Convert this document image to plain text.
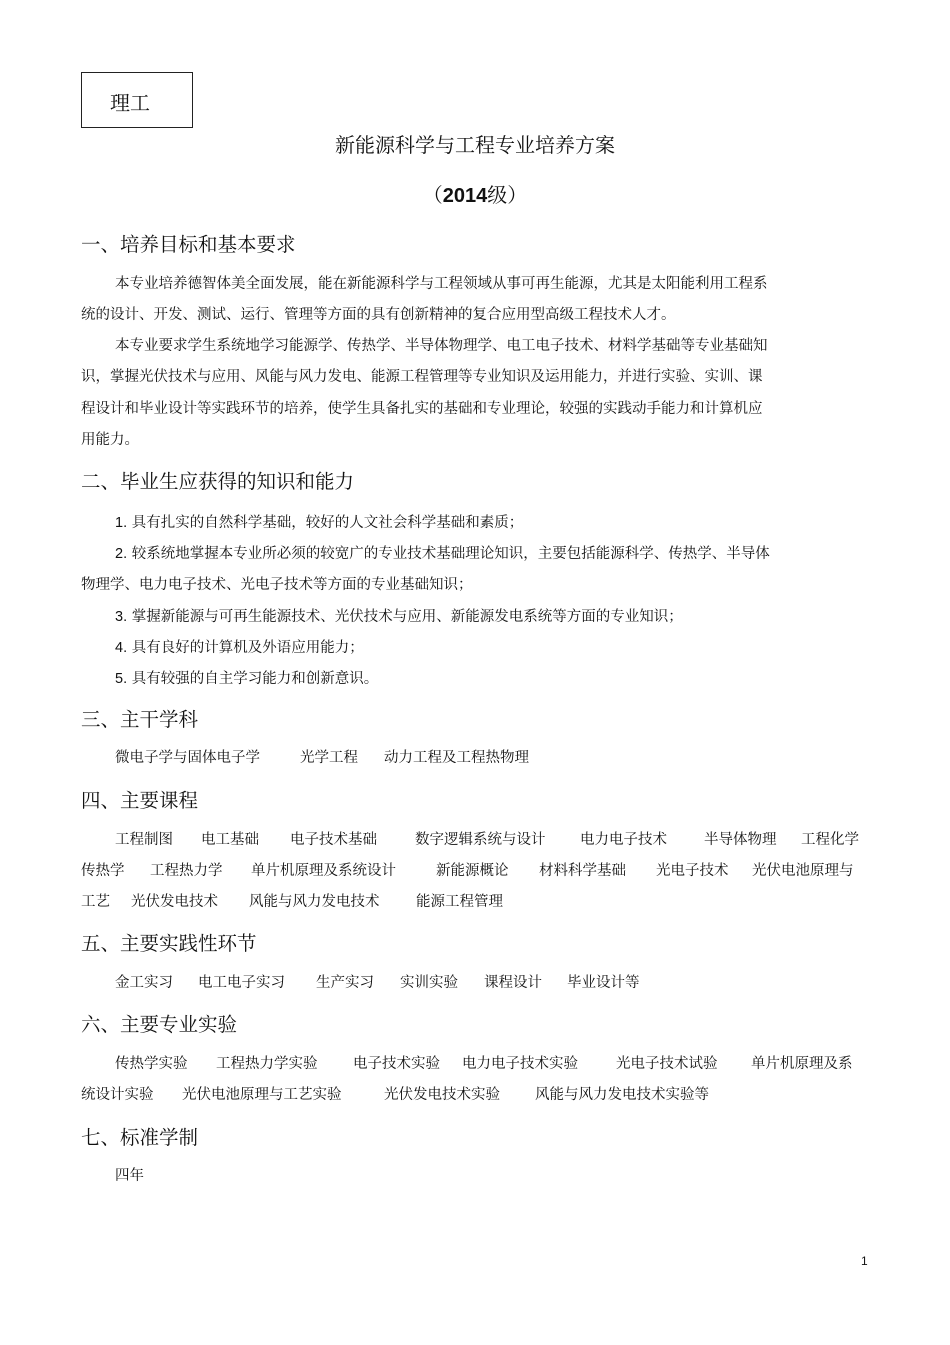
理工
新能源科学与工程专业培养方案
（2014级）
一、培养目标和基本要求
本专业培养德智体美全面发展，能在新能源科学与工程领域从事可再生能源，尤其是太阳能利用工程系
统的设计、开发、测试、运行、管理等方面的具有创新精神的复合应用型高级工程技术人才。
本专业要求学生系统地学习能源学、传热学、半导体物理学、电工电子技术、材料学基础等专业基础知
识，掌握光伏技术与应用、风能与风力发电、能源工程管理等专业知识及运用能力，并进行实验、实训、课
程设计和毕业设计等实践环节的培养，使学生具备扎实的基础和专业理论，较强的实践动手能力和计算机应
用能力。
二、毕业生应获得的知识和能力
1. 具有扎实的自然科学基础，较好的人文社会科学基础和素质；
2. 较系统地掌握本专业所必须的较宽广的专业技术基础理论知识，主要包括能源科学、传热学、半导体
物理学、电力电子技术、光电子技术等方面的专业基础知识；
3. 掌握新能源与可再生能源技术、光伏技术与应用、新能源发电系统等方面的专业知识；
4. 具有良好的计算机及外语应用能力；
5. 具有较强的自主学习能力和创新意识。
三、主干学科
微电子学与固体电子学	光学工程 动力工程及工程热物理
四、主要课程
工程制图 电工基础 电子技术基础	数字逻辑系统与设计 电力电子技术	半导体物理 工程化学
传热学 工程热力学 单片机原理及系统设计	新能源概论 材料科学基础 光电子技术 光伏电池原理与
工艺 光伏发电技术 风能与风力发电技术	能源工程管理
五、主要实践性环节
金工实习 电工电子实习 生产实习 实训实验 课程设计 毕业设计等
六、主要专业实验
传热学实验 工程热力学实验 电子技术实验 电力电子技术实验	光电子技术试验 单片机原理及系
统设计实验 光伏电池原理与工艺实验	光伏发电技术实验 风能与风力发电技术实验等
七、标准学制
四年
1
